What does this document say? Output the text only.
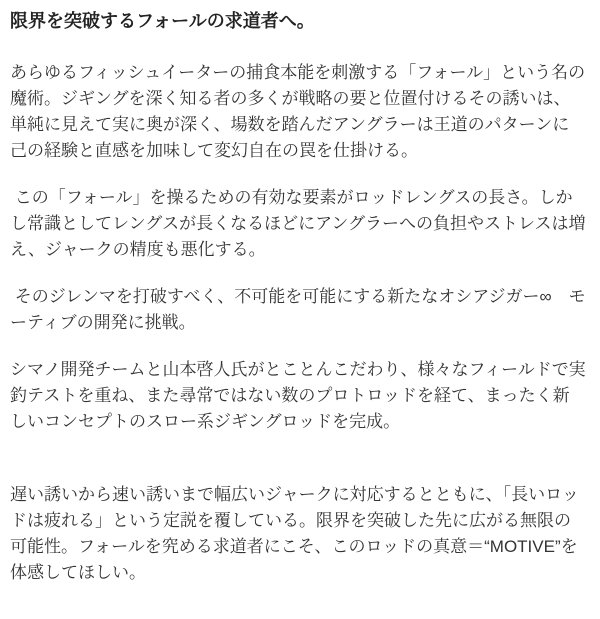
限界を突破するフォールの求道者へ。

あらゆるフィッシュイーターの捕食本能を刺激する「フォール」という名の魔術。ジギングを深く知る者の多くが戦略の要と位置付けるその誘いは、単純に見えて実に奥が深く、場数を踏んだアングラーは王道のパターンに己の経験と直感を加味して変幻自在の罠を仕掛ける。

この「フォール」を操るための有効な要素がロッドレングスの長さ。しかし常識としてレングスが長くなるほどにアングラーへの負担やストレスは増え、ジャークの精度も悪化する。

そのジレンマを打破すべく、不可能を可能にする新たなオシアジガー∞　モーティブの開発に挑戦。

シマノ開発チームと山本啓人氏がとことんこだわり、様々なフィールドで実釣テストを重ね、また尋常ではない数のプロトロッドを経て、まったく新しいコンセプトのスロー系ジギングロッドを完成。

遅い誘いから速い誘いまで幅広いジャークに対応するとともに、「長いロッドは疲れる」という定説を覆している。限界を突破した先に広がる無限の可能性。フォールを究める求道者にこそ、このロッドの真意＝“MOTIVE”を体感してほしい。
